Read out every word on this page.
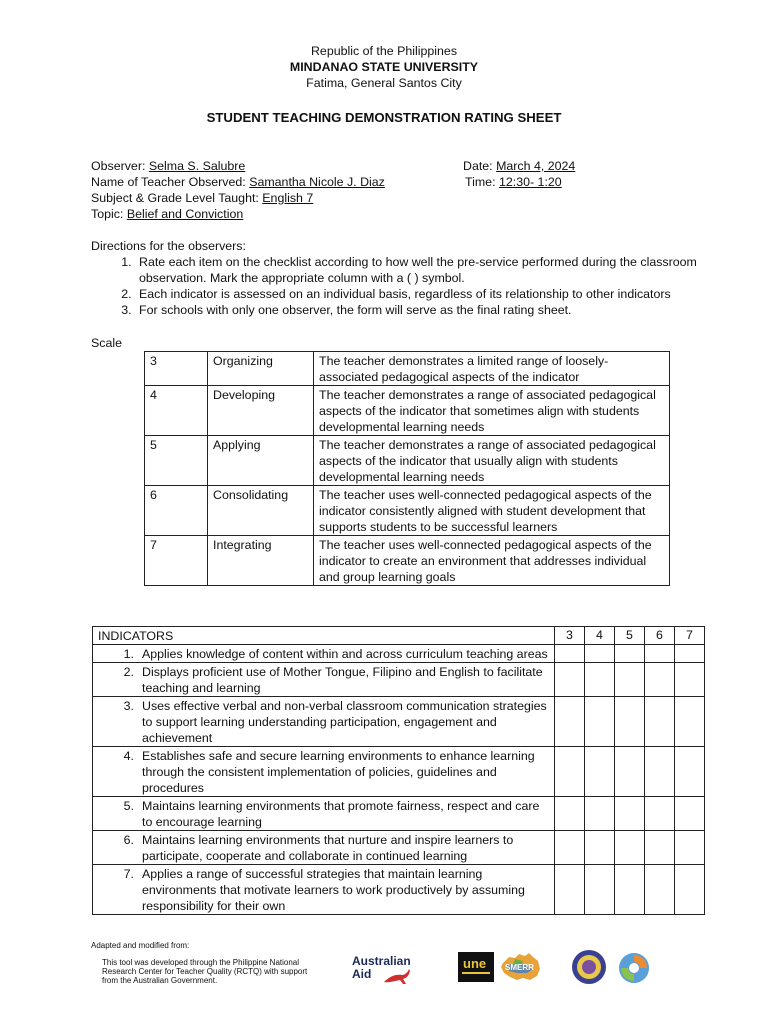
Republic of the Philippines
MINDANAO STATE UNIVERSITY
Fatima, General Santos City
STUDENT TEACHING DEMONSTRATION RATING SHEET
Observer: Selma S. Salubre
Name of Teacher Observed: Samantha Nicole J. Diaz
Subject & Grade Level Taught: English 7
Topic: Belief and Conviction
Date: March 4, 2024
Time: 12:30- 1:20
Directions for the observers:
1. Rate each item on the checklist according to how well the pre-service performed during the classroom observation. Mark the appropriate column with a ( ) symbol.
2. Each indicator is assessed on an individual basis, regardless of its relationship to other indicators
3. For schools with only one observer, the form will serve as the final rating sheet.
Scale
3	Organizing	The teacher demonstrates a limited range of loosely-associated pedagogical aspects of the indicator
4	Developing	The teacher demonstrates a range of associated pedagogical aspects of the indicator that sometimes align with students developmental learning needs
5	Applying	The teacher demonstrates a range of associated pedagogical aspects of the indicator that usually align with students developmental learning needs
6	Consolidating	The teacher uses well-connected pedagogical aspects of the indicator consistently aligned with student development that supports students to be successful learners
7	Integrating	The teacher uses well-connected pedagogical aspects of the indicator to create an environment that addresses individual and group learning goals
INDICATORS	3	4	5	6	7

1. Applies knowledge of content within and across curriculum teaching areas					

2. Displays proficient use of Mother Tongue, Filipino and English to facilitate teaching and learning					

3. Uses effective verbal and non-verbal classroom communication strategies to support learning understanding participation, engagement and achievement					

4. Establishes safe and secure learning environments to enhance learning through the consistent implementation of policies, guidelines and procedures					

5. Maintains learning environments that promote fairness, respect and care to encourage learning					

6. Maintains learning environments that nurture and inspire learners to participate, cooperate and collaborate in continued learning					

7. Applies a range of successful strategies that maintain learning environments that motivate learners to work productively by assuming responsibility for their own					

Adapted and modified from:
This tool was developed through the Philippine National Research Center for Teacher Quality (RCTQ) with support from the Australian Government.
Australian
Aid
une SMERR
